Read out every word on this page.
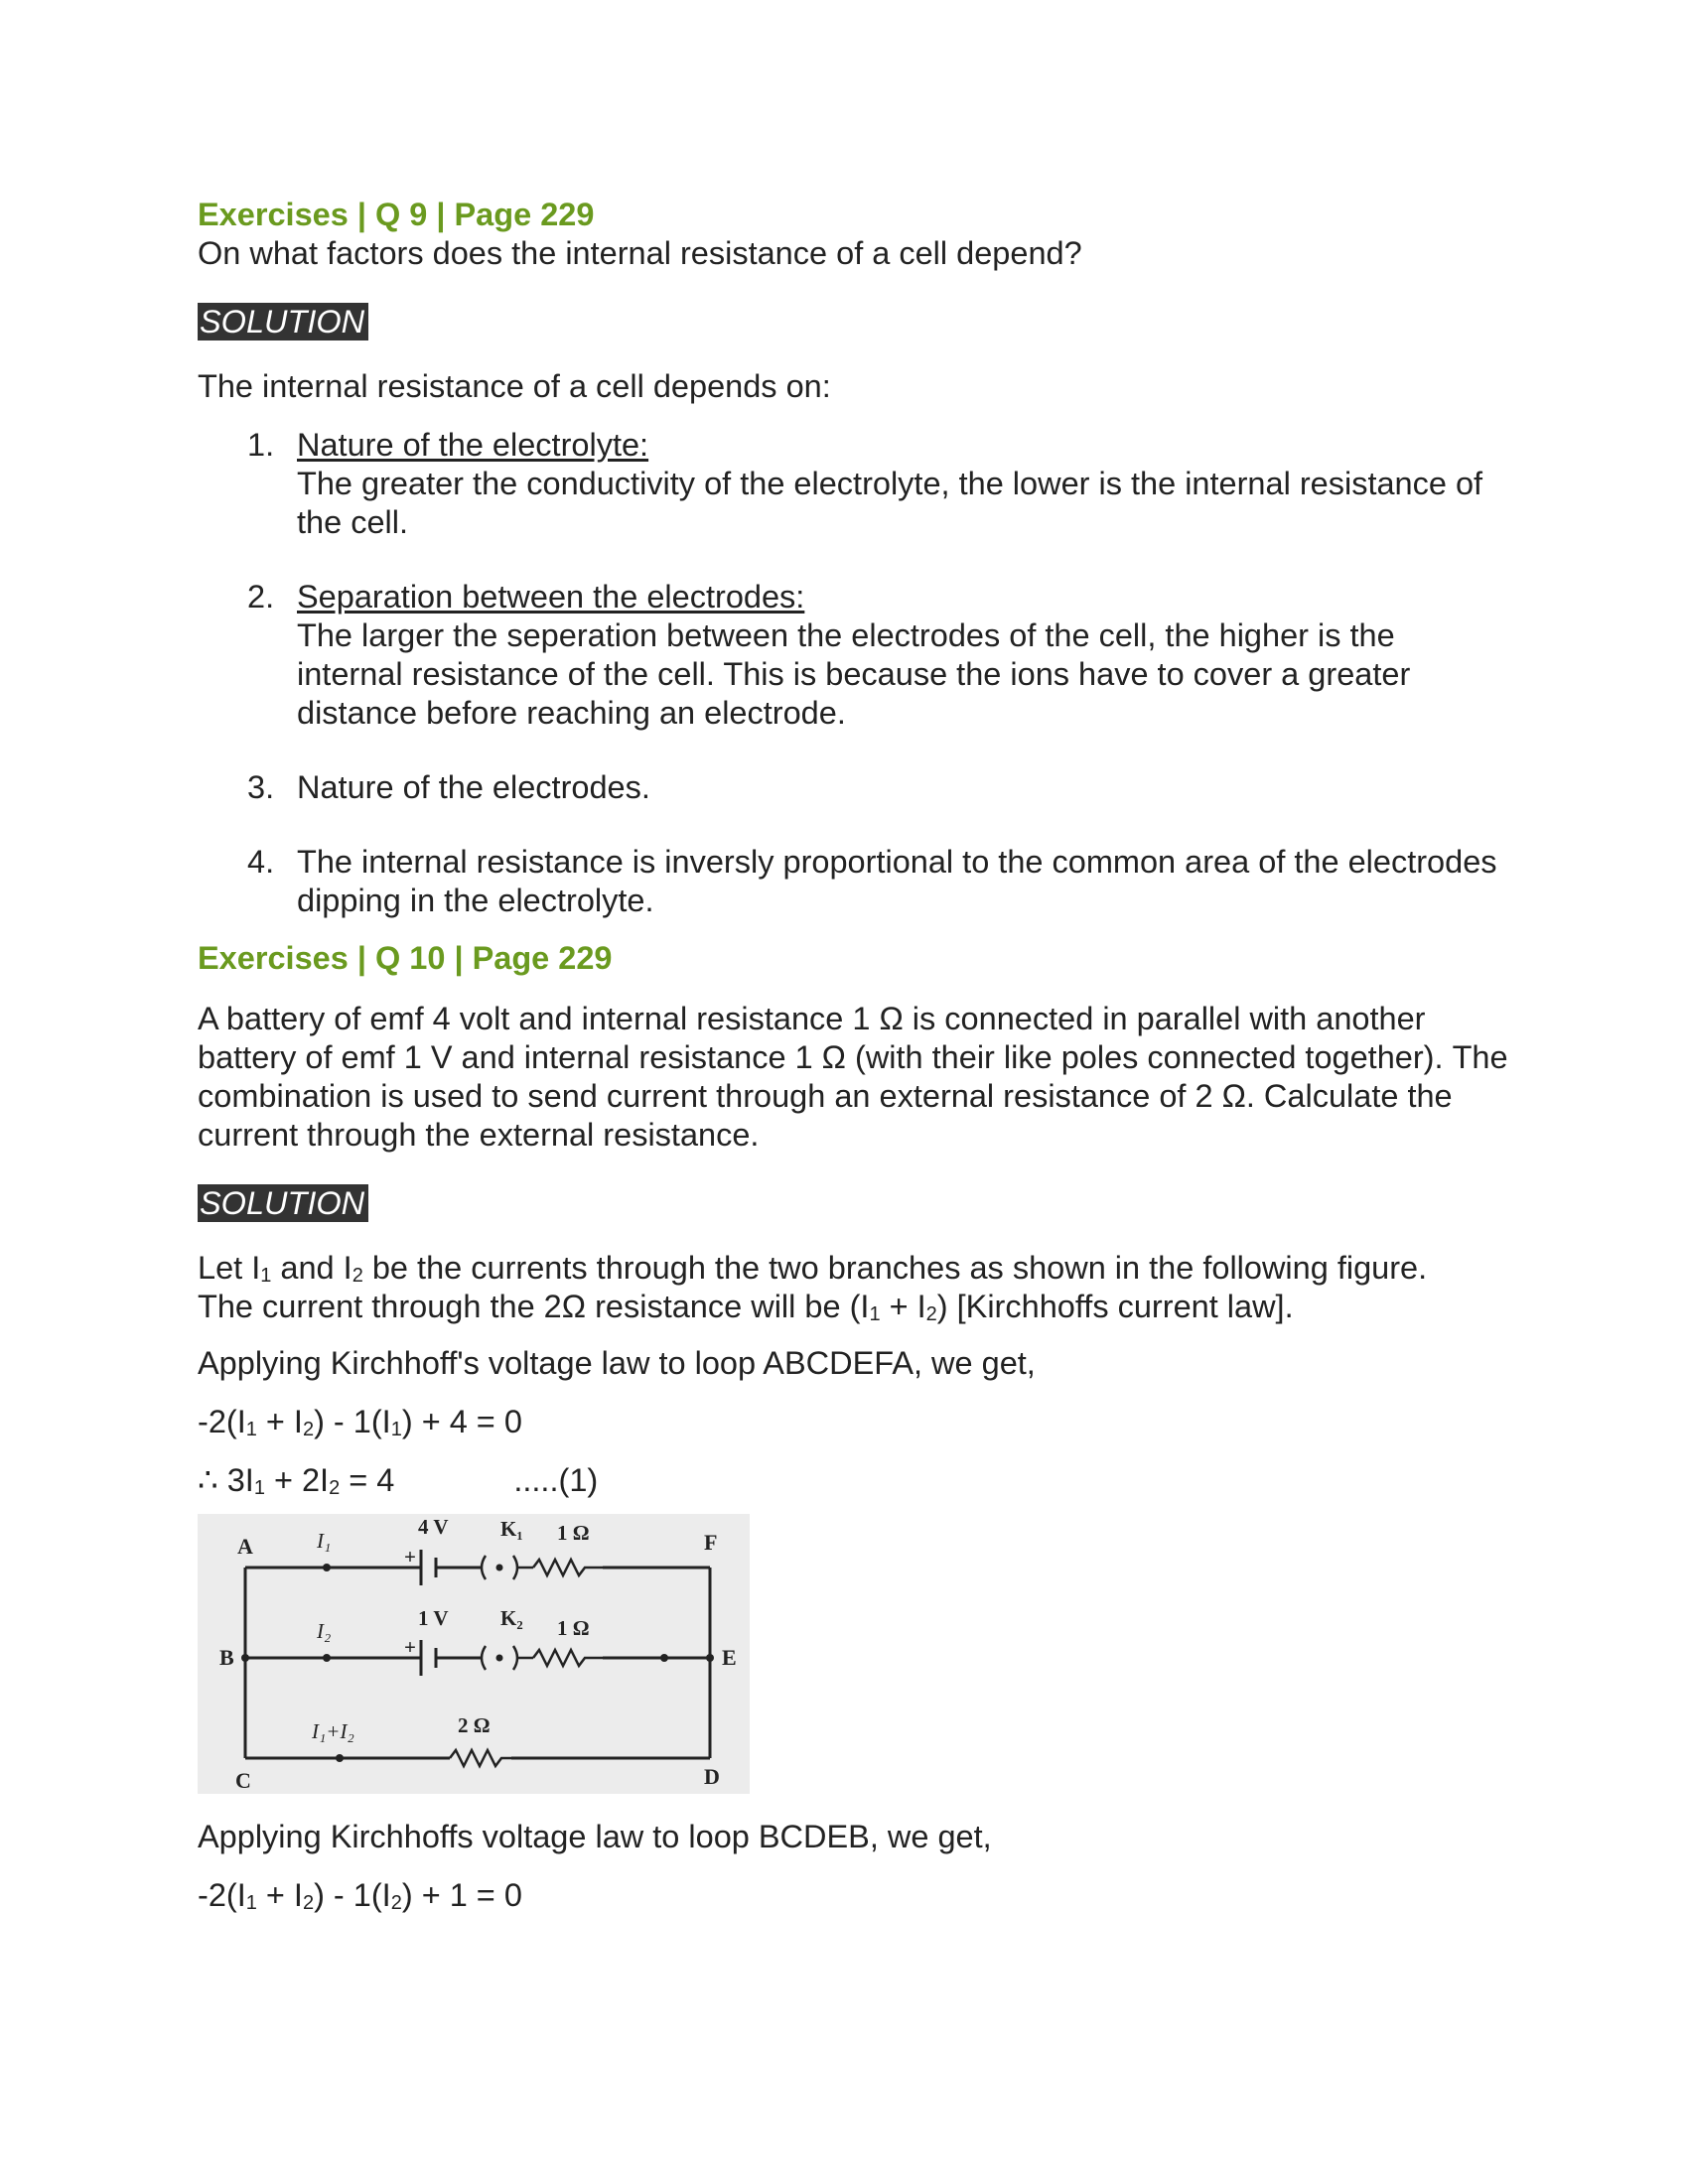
Exercises | Q 9 | Page 229

On what factors does the internal resistance of a cell depend?

SOLUTION

The internal resistance of a cell depends on:

1. Nature of the electrolyte:
The greater the conductivity of the electrolyte, the lower is the internal resistance of the cell.
2. Separation between the electrodes:
The larger the seperation between the electrodes of the cell, the higher is the internal resistance of the cell. This is because the ions have to cover a greater distance before reaching an electrode.
3. Nature of the electrodes.
4. The internal resistance is inversly proportional to the common area of the electrodes dipping in the electrolyte.
Exercises | Q 10 | Page 229

A battery of emf 4 volt and internal resistance 1 Ω is connected in parallel with another battery of emf 1 V and internal resistance 1 Ω (with their like poles connected together). The combination is used to send current through an external resistance of 2 Ω. Calculate the current through the external resistance.

SOLUTION

Let $I_1$ and $I_2$ be the currents through the two branches as shown in the following figure.
The current through the 2Ω resistance will be $(I_1 + I_2)$ [Kirchhoffs current law].

Applying Kirchhoff's voltage law to loop ABCDEFA, we get,

$-2(I_1 + I_2) - 1(I_1) + 4 = 0$

∴ $3I_1 + 2I_2 = 4$	.....(1)

A
B
C	D
E
F
I₁
I₂
I₁+I₂
4 V
1 V
K₁
K₂
1 Ω
1 Ω
2 Ω
+
+

Applying Kirchhoffs voltage law to loop BCDEB, we get,

$-2(I_1 + I_2) - 1(I_2) + 1 = 0$
